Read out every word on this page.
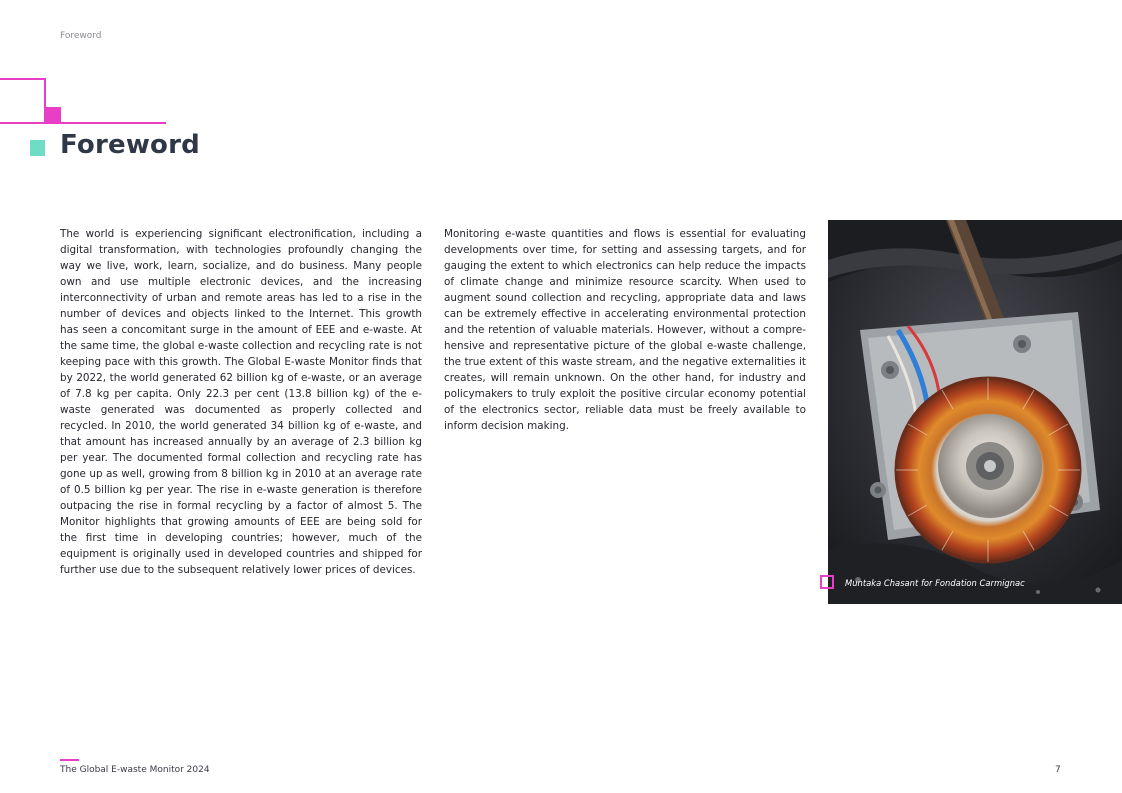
Foreword
Foreword

The world is experiencing significant electronification, including a digital transformation, with technologies profoundly changing the way we live, work, learn, socialize, and do business. Many people own and use multiple electronic devices, and the increasing interconnectivity of urban and remote areas has led to a rise in the number of devices and objects linked to the Internet. This growth has seen a concomitant surge in the amount of EEE and e-waste. At the same time, the global e-waste collection and recycling rate is not keeping pace with this growth. The Global E-waste Monitor finds that by 2022, the world generated 62 billion kg of e-waste, or an average of 7.8 kg per capita. Only 22.3 per cent (13.8 billion kg) of the e-waste generated was documented as properly collected and recycled. In 2010, the world generated 34 billion kg of e-waste, and that amount has increased annually by an average of 2.3 billion kg per year. The documented formal collection and recycling rate has gone up as well, growing from 8 billion kg in 2010 at an average rate of 0.5 billion kg per year. The rise in e-waste generation is therefore outpacing the rise in formal recycling by a factor of almost 5. The Monitor highlights that growing amounts of EEE are being sold for the first time in developing countries; however, much of the equipment is originally used in developed countries and shipped for further use due to the subsequent relatively lower prices of devices.

Monitoring e-waste quantities and flows is essential for evaluating developments over time, for setting and assessing targets, and for gauging the extent to which electronics can help reduce the impacts of climate change and minimize resource scarcity. When used to augment sound collection and recycling, appropriate data and laws can be extremely effective in accelerating environmental protection and the retention of valuable materials. However, without a comprehensive and representative picture of the global e-waste challenge, the true extent of this waste stream, and the negative externalities it creates, will remain unknown. On the other hand, for industry and policymakers to truly exploit the positive circular economy potential of the electronics sector, reliable data must be freely available to inform decision making.

Muntaka Chasant for Fondation Carmignac
The Global E-waste Monitor 2024	7
